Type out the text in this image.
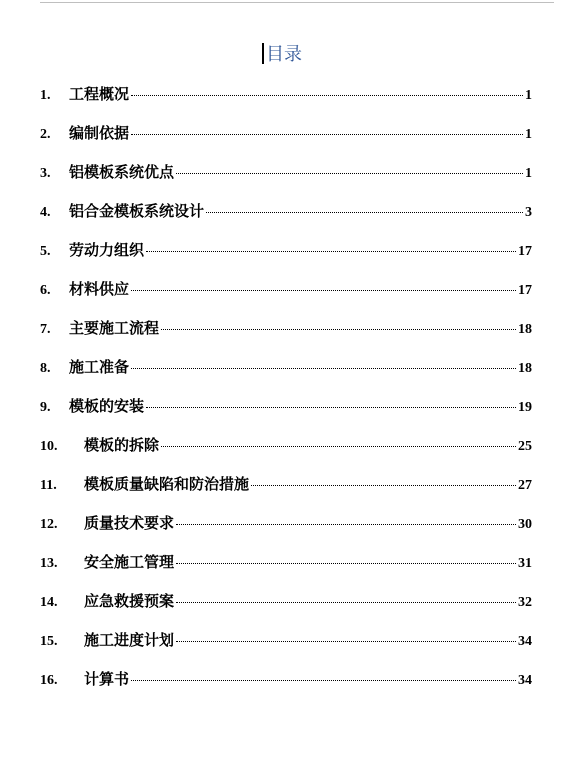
目录
1.	工程概况	1
2.	编制依据	1
3.	铝模板系统优点	1
4.	铝合金模板系统设计	3
5.	劳动力组织	17
6.	材料供应	17
7.	主要施工流程	18
8.	施工准备	18
9.	模板的安装	19
10.	模板的拆除	25
11.	模板质量缺陷和防治措施	27
12.	质量技术要求	30
13.	安全施工管理	31
14.	应急救援预案	32
15.	施工进度计划	34
16.	计算书	34
